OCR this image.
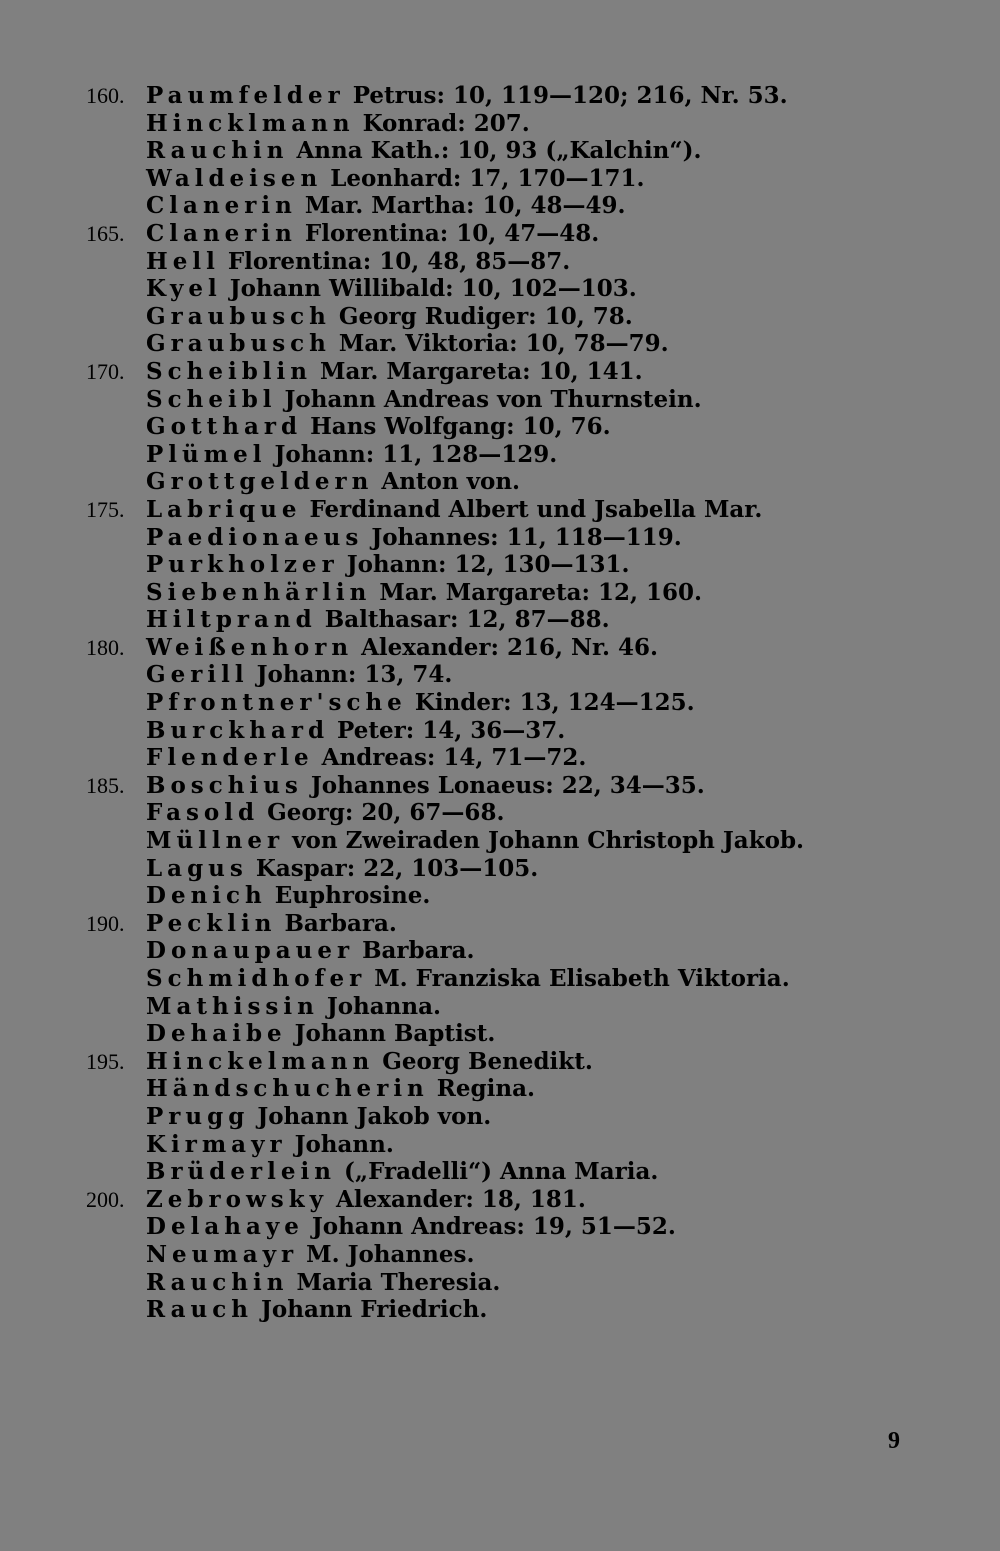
160. Paumfelder Petrus: 10, 119—120; 216, Nr. 53.
Hincklmann Konrad: 207.
Rauchin Anna Kath.: 10, 93 („Kalchin“).
Waldeisen Leonhard: 17, 170—171.
Clanerin Mar. Martha: 10, 48—49.
165. Clanerin Florentina: 10, 47—48.
Hell Florentina: 10, 48, 85—87.
Kyel Johann Willibald: 10, 102—103.
Graubusch Georg Rudiger: 10, 78.
Graubusch Mar. Viktoria: 10, 78—79.
170. Scheiblin Mar. Margareta: 10, 141.
Scheibl Johann Andreas von Thurnstein.
Gotthard Hans Wolfgang: 10, 76.
Plümel Johann: 11, 128—129.
Grottgeldern Anton von.
175. Labrique Ferdinand Albert und Jsabella Mar.
Paedionaeus Johannes: 11, 118—119.
Purkholzer Johann: 12, 130—131.
Siebenhärlin Mar. Margareta: 12, 160.
Hiltprand Balthasar: 12, 87—88.
180. Weißenhorn Alexander: 216, Nr. 46.
Gerill Johann: 13, 74.
Pfrontner'sche Kinder: 13, 124—125.
Burckhard Peter: 14, 36—37.
Flenderle Andreas: 14, 71—72.
185. Boschius Johannes Lonaeus: 22, 34—35.
Fasold Georg: 20, 67—68.
Müllner von Zweiraden Johann Christoph Jakob.
Lagus Kaspar: 22, 103—105.
Denich Euphrosine.
190. Pecklin Barbara.
Donaupauer Barbara.
Schmidhofer M. Franziska Elisabeth Viktoria.
Mathissin Johanna.
Dehaibe Johann Baptist.
195. Hinckelmann Georg Benedikt.
Händschucherin Regina.
Prugg Johann Jakob von.
Kirmayr Johann.
Brüderlein („Fradelli“) Anna Maria.
200. Zebrowsky Alexander: 18, 181.
Delahaye Johann Andreas: 19, 51—52.
Neumayr M. Johannes.
Rauchin Maria Theresia.
Rauch Johann Friedrich.
9
